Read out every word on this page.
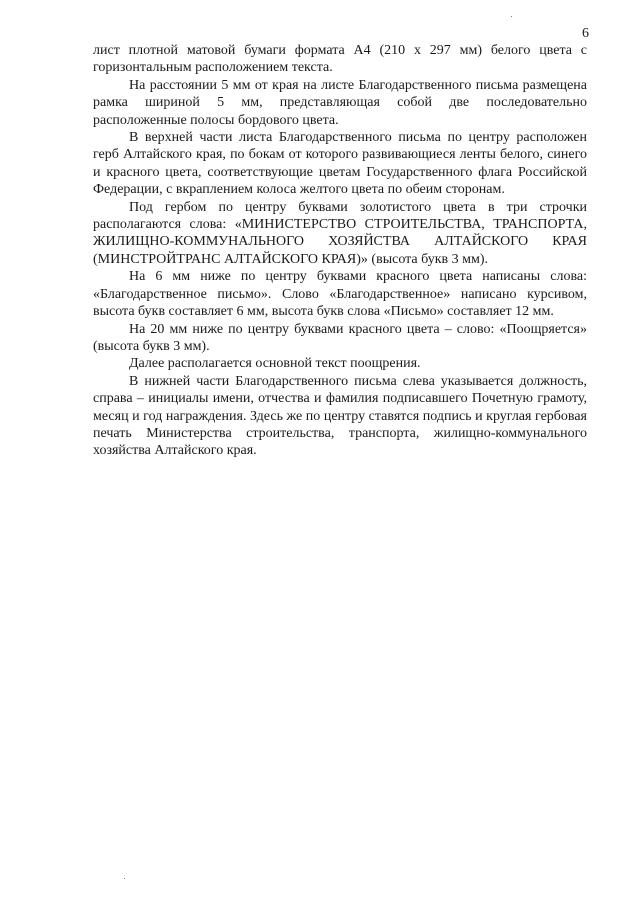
6

лист плотной матовой бумаги формата А4 (210 х 297 мм) белого цвета с горизонтальным расположением текста.

На расстоянии 5 мм от края на листе Благодарственного письма размещена рамка шириной 5 мм, представляющая собой две последовательно расположенные полосы бордового цвета.

В верхней части листа Благодарственного письма по центру расположен герб Алтайского края, по бокам от которого развивающиеся ленты белого, синего и красного цвета, соответствующие цветам Государственного флага Российской Федерации, с вкраплением колоса желтого цвета по обеим сторонам.

Под гербом по центру буквами золотистого цвета в три строчки располагаются слова: «МИНИСТЕРСТВО СТРОИТЕЛЬСТВА, ТРАНСПОРТА, ЖИЛИЩНО-КОММУНАЛЬНОГО ХОЗЯЙСТВА АЛТАЙСКОГО КРАЯ (МИНСТРОЙТРАНС АЛТАЙСКОГО КРАЯ)» (высота букв 3 мм).

На 6 мм ниже по центру буквами красного цвета написаны слова: «Благодарственное письмо». Слово «Благодарственное» написано курсивом, высота букв составляет 6 мм, высота букв слова «Письмо» составляет 12 мм.

На 20 мм ниже по центру буквами красного цвета – слово: «Поощряется» (высота букв 3 мм).

Далее располагается основной текст поощрения.

В нижней части Благодарственного письма слева указывается должность, справа – инициалы имени, отчества и фамилия подписавшего Почетную грамоту, месяц и год награждения. Здесь же по центру ставятся подпись и круглая гербовая печать Министерства строительства, транспорта, жилищно-коммунального хозяйства Алтайского края.
